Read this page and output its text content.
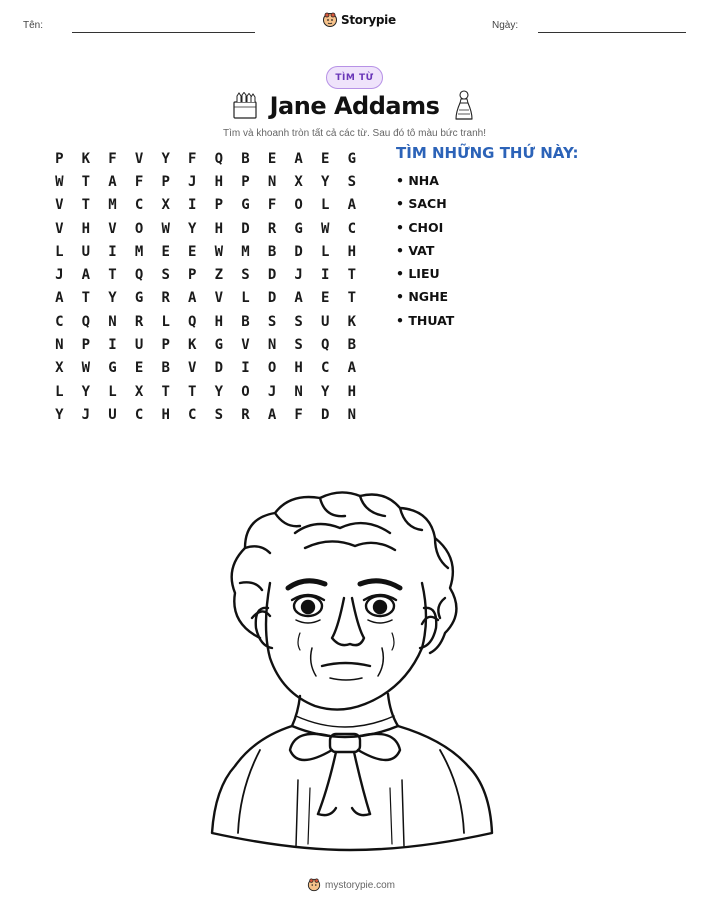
Tên:	Storypie	Ngày:
TÌM TỪ
Jane Addams
Tìm và khoanh tròn tất cả các từ. Sau đó tô màu bức tranh!
P	K	F	V	Y	F	Q	B	E	A	E	G
W	T	A	F	P	J	H	P	N	X	Y	S
V	T	M	C	X	I	P	G	F	O	L	A
V	H	V	O	W	Y	H	D	R	G	W	C
L	U	I	M	E	E	W	M	B	D	L	H
J	A	T	Q	S	P	Z	S	D	J	I	T
A	T	Y	G	R	A	V	L	D	A	E	T
C	Q	N	R	L	Q	H	B	S	S	U	K
N	P	I	U	P	K	G	V	N	S	Q	B
X	W	G	E	B	V	D	I	O	H	C	A
L	Y	L	X	T	T	Y	O	J	N	Y	H
Y	J	U	C	H	C	S	R	A	F	D	N
TÌM NHỮNG THỨ NÀY:
• NHA
• SACH
• CHOI
• VAT
• LIEU
• NGHE
• THUAT
mystorypie.com
